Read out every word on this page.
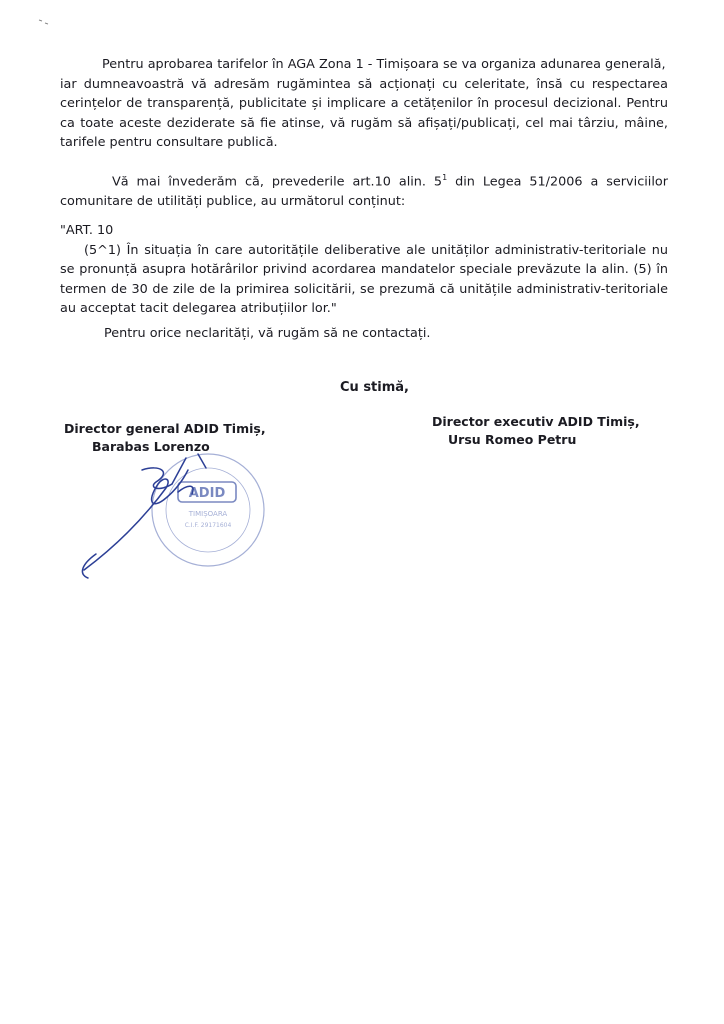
Pentru aprobarea tarifelor în AGA Zona 1 - Timișoara se va organiza adunarea generală,
iar dumneavoastră vă adresăm rugămintea să acționați cu celeritate, însă cu respectarea cerințelor de transparență, publicitate și implicare a cetățenilor în procesul decizional. Pentru ca toate aceste deziderate să fie atinse, vă rugăm să afișați/publicați, cel mai târziu, mâine, tarifele pentru consultare publică.
Vă mai învederăm că, prevederile art.10 alin. $5^1$ din Legea 51/2006 a serviciilor comunitare de utilități publice, au următorul conținut:
"ART. 10
(5^1) În situația în care autoritățile deliberative ale unităților administrativ-teritoriale nu se pronunță asupra hotărârilor privind acordarea mandatelor speciale prevăzute la alin. (5) în termen de 30 de zile de la primirea solicitării, se prezumă că unitățile administrativ-teritoriale au acceptat tacit delegarea atribuțiilor lor."
Pentru orice neclarități, vă rugăm să ne contactați.
Cu stimă,
Director general ADID Timiș,
Barabas Lorenzo
Director executiv ADID Timiș,
Ursu Romeo Petru
ADID
TIMIȘOARA
C.I.F. 29171604
